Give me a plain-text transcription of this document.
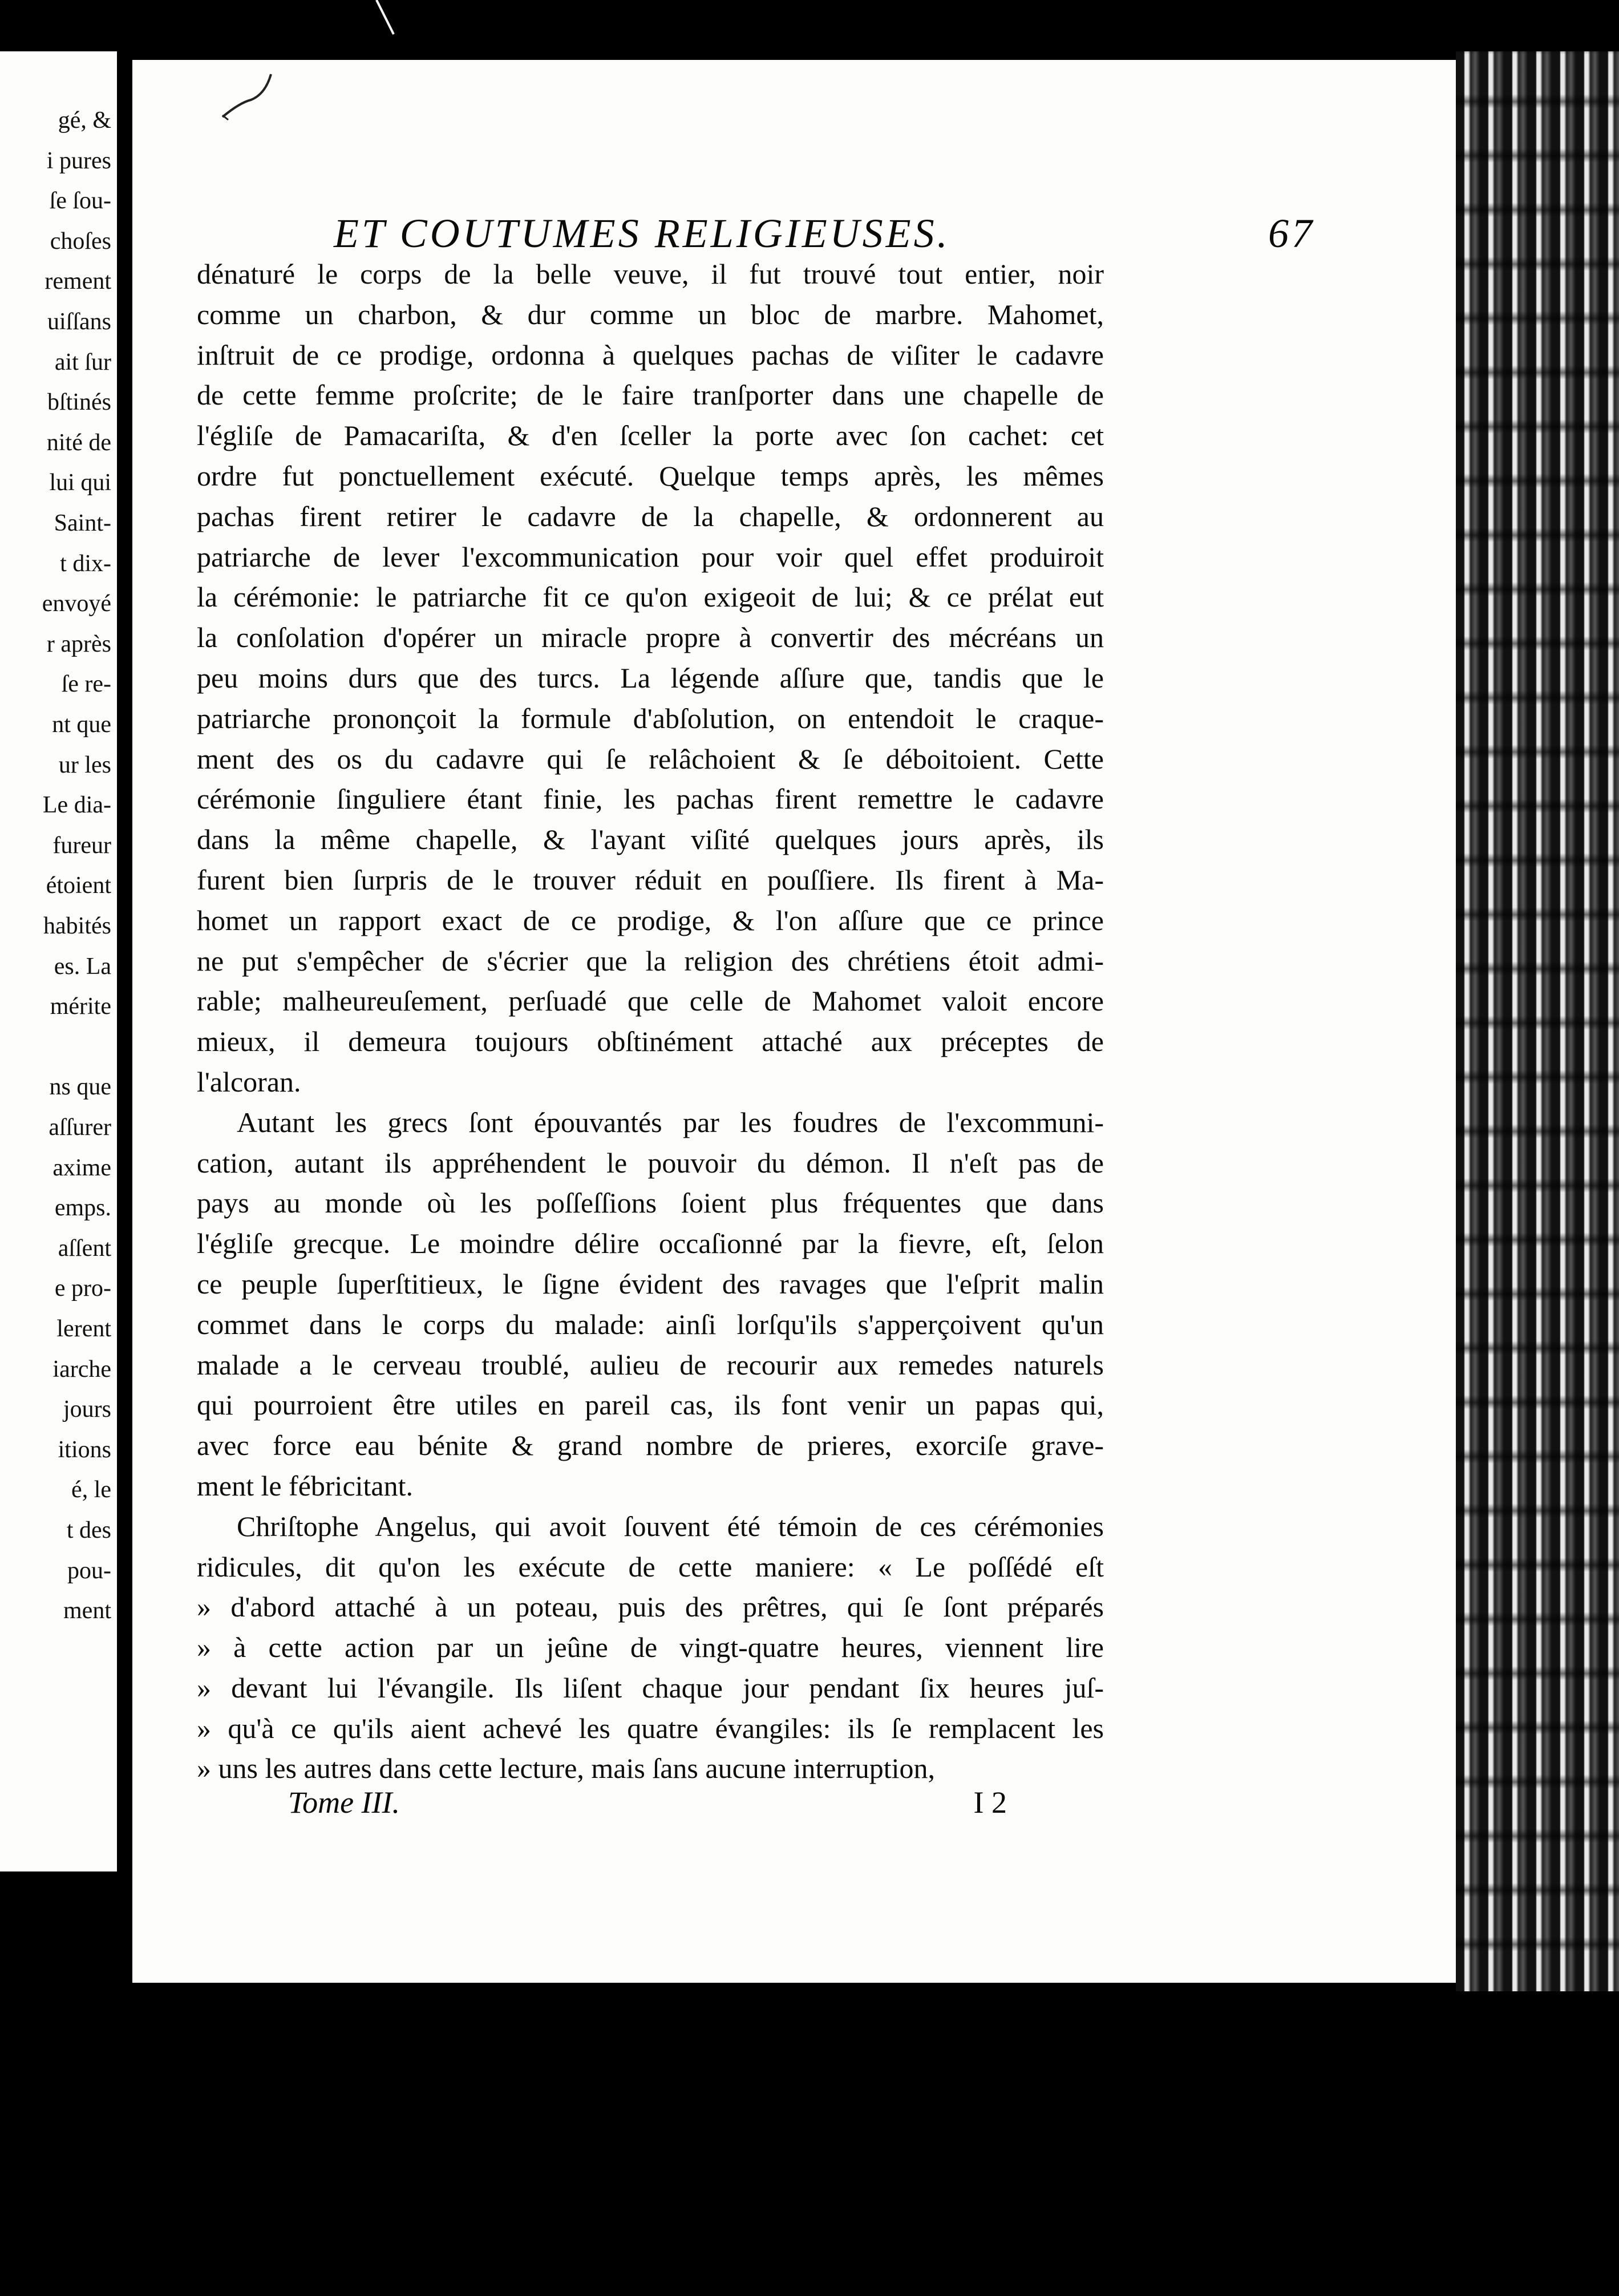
gé, &
i pures
ſe ſou-
choſes
rement
uiſſans
ait ſur
bſtinés
nité de
lui qui
Saint-
t dix-
envoyé
r après
ſe re-
nt que
ur les
Le dia-
fureur
étoient
habités
es. La
mérite
ns que
aſſurer
axime
emps.
aſſent
e pro-
lerent
iarche
jours
itions
é, le
t des
pou-
ment
ET COUTUMES RELIGIEUSES.	67
dénaturé le corps de la belle veuve, il fut trouvé tout entier, noir
comme un charbon, & dur comme un bloc de marbre. Mahomet,
inſtruit de ce prodige, ordonna à quelques pachas de viſiter le cadavre
de cette femme proſcrite; de le faire tranſporter dans une chapelle de
l'égliſe de Pamacariſta, & d'en ſceller la porte avec ſon cachet: cet
ordre fut ponctuellement exécuté. Quelque temps après, les mêmes
pachas firent retirer le cadavre de la chapelle, & ordonnerent au
patriarche de lever l'excommunication pour voir quel effet produiroit
la cérémonie: le patriarche fit ce qu'on exigeoit de lui; & ce prélat eut
la conſolation d'opérer un miracle propre à convertir des mécréans un
peu moins durs que des turcs. La légende aſſure que, tandis que le
patriarche prononçoit la formule d'abſolution, on entendoit le craque-
ment des os du cadavre qui ſe relâchoient & ſe déboitoient. Cette
cérémonie ſinguliere étant finie, les pachas firent remettre le cadavre
dans la même chapelle, & l'ayant viſité quelques jours après, ils
furent bien ſurpris de le trouver réduit en pouſſiere. Ils firent à Ma-
homet un rapport exact de ce prodige, & l'on aſſure que ce prince
ne put s'empêcher de s'écrier que la religion des chrétiens étoit admi-
rable; malheureuſement, perſuadé que celle de Mahomet valoit encore
mieux, il demeura toujours obſtinément attaché aux préceptes de
l'alcoran.
Autant les grecs ſont épouvantés par les foudres de l'excommuni-
cation, autant ils appréhendent le pouvoir du démon. Il n'eſt pas de
pays au monde où les poſſeſſions ſoient plus fréquentes que dans
l'égliſe grecque. Le moindre délire occaſionné par la fievre, eſt, ſelon
ce peuple ſuperſtitieux, le ſigne évident des ravages que l'eſprit malin
commet dans le corps du malade: ainſi lorſqu'ils s'apperçoivent qu'un
malade a le cerveau troublé, aulieu de recourir aux remedes naturels
qui pourroient être utiles en pareil cas, ils font venir un papas qui,
avec force eau bénite & grand nombre de prieres, exorciſe grave-
ment le fébricitant.
Chriſtophe Angelus, qui avoit ſouvent été témoin de ces cérémonies
ridicules, dit qu'on les exécute de cette maniere: « Le poſſédé eſt
» d'abord attaché à un poteau, puis des prêtres, qui ſe ſont préparés
» à cette action par un jeûne de vingt-quatre heures, viennent lire
» devant lui l'évangile. Ils liſent chaque jour pendant ſix heures juſ-
» qu'à ce qu'ils aient achevé les quatre évangiles: ils ſe remplacent les
» uns les autres dans cette lecture, mais ſans aucune interruption,
Tome III.	I 2
